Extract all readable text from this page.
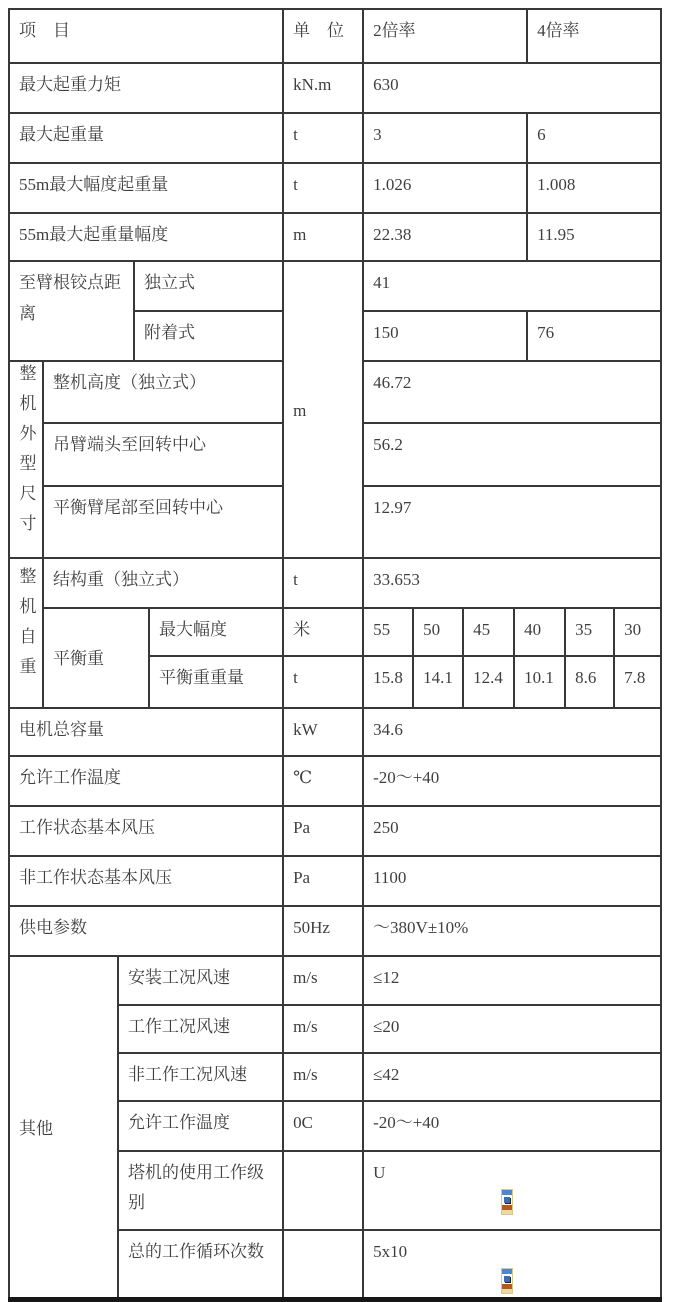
项　目					单　位	2倍率				4倍率		
最大起重力矩					kN.m	630						
最大起重量					t	3				6		
55m最大幅度起重量					t	1.026				1.008		
55m最大起重量幅度					m	22.38				11.95		
至臂根铰点距离			独立式		m	41						
			附着式			150				76		
整机外型尺寸	整机高度（独立式）					46.72						
	吊臂端头至回转中心					56.2						
	平衡臂尾部至回转中心					12.97						
整机自重	结构重（独立式）				t	33.653						
	平衡重			最大幅度	米	55	50	45	40		35	30
				平衡重重量	t	15.8	14.1	12.4	10.1		8.6	7.8
电机总容量					kW	34.6						
允许工作温度					℃	-20～+40						
工作状态基本风压					Pa	250						
非工作状态基本风压					Pa	1100						
供电参数					50Hz	～380V±10%						
其他		安装工况风速			m/s	≤12						
		工作工况风速			m/s	≤20						
		非工作工况风速			m/s	≤42						
		允许工作温度			0C	-20～+40						
		塔机的使用工作级别				U						

		总的工作循环次数				5x10						
